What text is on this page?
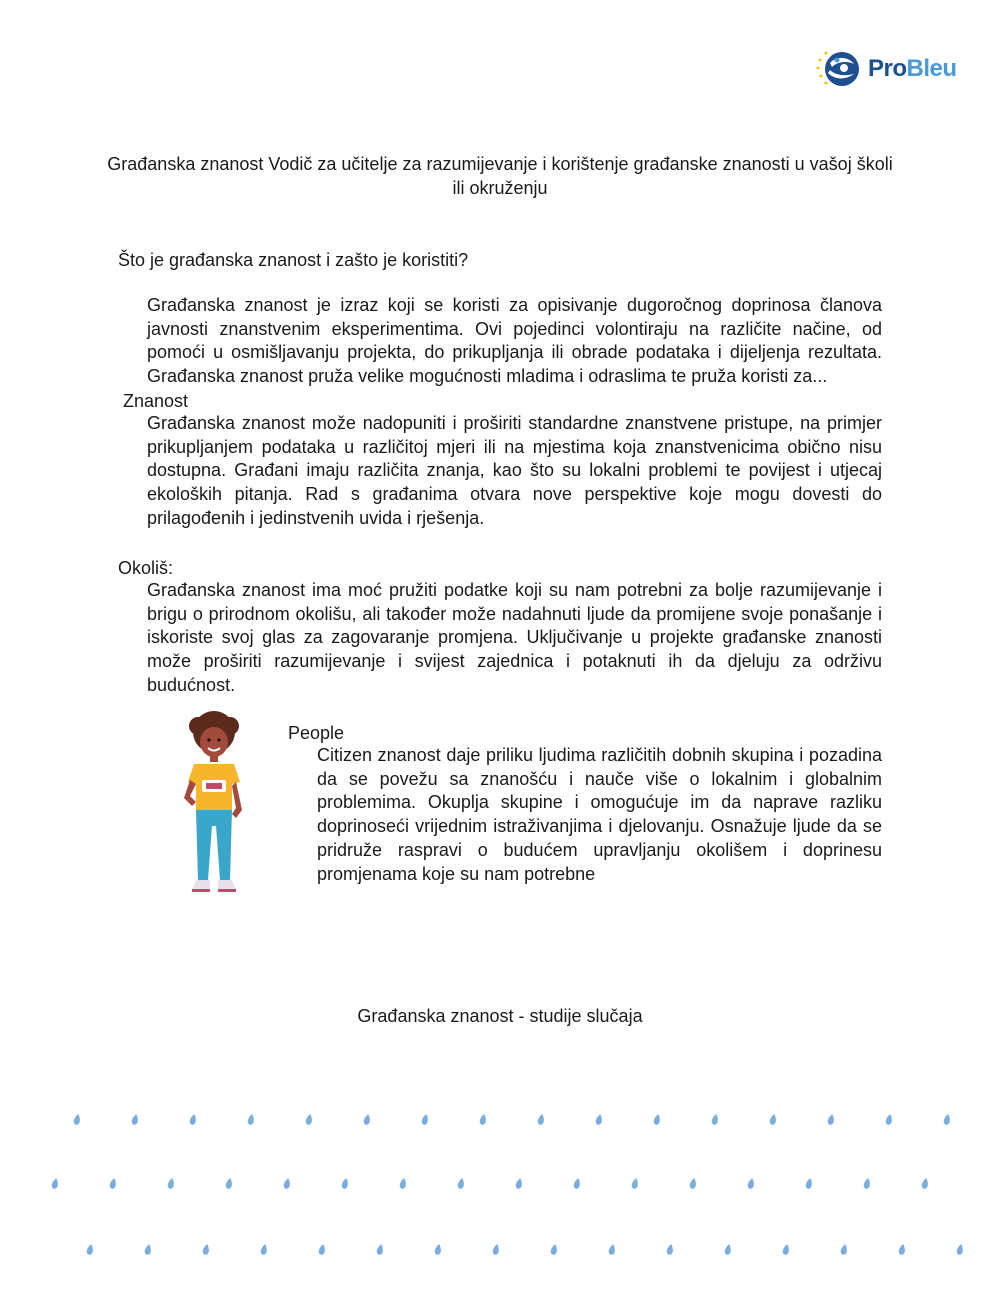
ProBleu
Građanska znanost Vodič za učitelje za razumijevanje i korištenje građanske znanosti u vašoj školi ili okruženju
Što je građanska znanost i zašto je koristiti?

Građanska znanost je izraz koji se koristi za opisivanje dugoročnog doprinosa članova javnosti znanstvenim eksperimentima. Ovi pojedinci volontiraju na različite načine, od pomoći u osmišljavanju projekta, do prikupljanja ili obrade podataka i dijeljenja rezultata. Građanska znanost pruža velike mogućnosti mladima i odraslima te pruža koristi za...

Znanost

Građanska znanost može nadopuniti i proširiti standardne znanstvene pristupe, na primjer prikupljanjem podataka u različitoj mjeri ili na mjestima koja znanstvenicima obično nisu dostupna. Građani imaju različita znanja, kao što su lokalni problemi te povijest i utjecaj ekoloških pitanja. Rad s građanima otvara nove perspektive koje mogu dovesti do prilagođenih i jedinstvenih uvida i rješenja.

Okoliš:

Građanska znanost ima moć pružiti podatke koji su nam potrebni za bolje razumijevanje i brigu o prirodnom okolišu, ali također može nadahnuti ljude da promijene svoje ponašanje i iskoriste svoj glas za zagovaranje promjena. Uključivanje u projekte građanske znanosti može proširiti razumijevanje i svijest zajednica i potaknuti ih da djeluju za održivu budućnost.

People

Citizen znanost daje priliku ljudima različitih dobnih skupina i pozadina da se povežu sa znanošću i nauče više o lokalnim i globalnim problemima. Okuplja skupine i omogućuje im da naprave razliku doprinoseći vrijednim istraživanjima i djelovanju. Osnažuje ljude da se pridruže raspravi o budućem upravljanju okolišem i doprinesu promjenama koje su nam potrebne

Građanska znanost - studije slučaja
